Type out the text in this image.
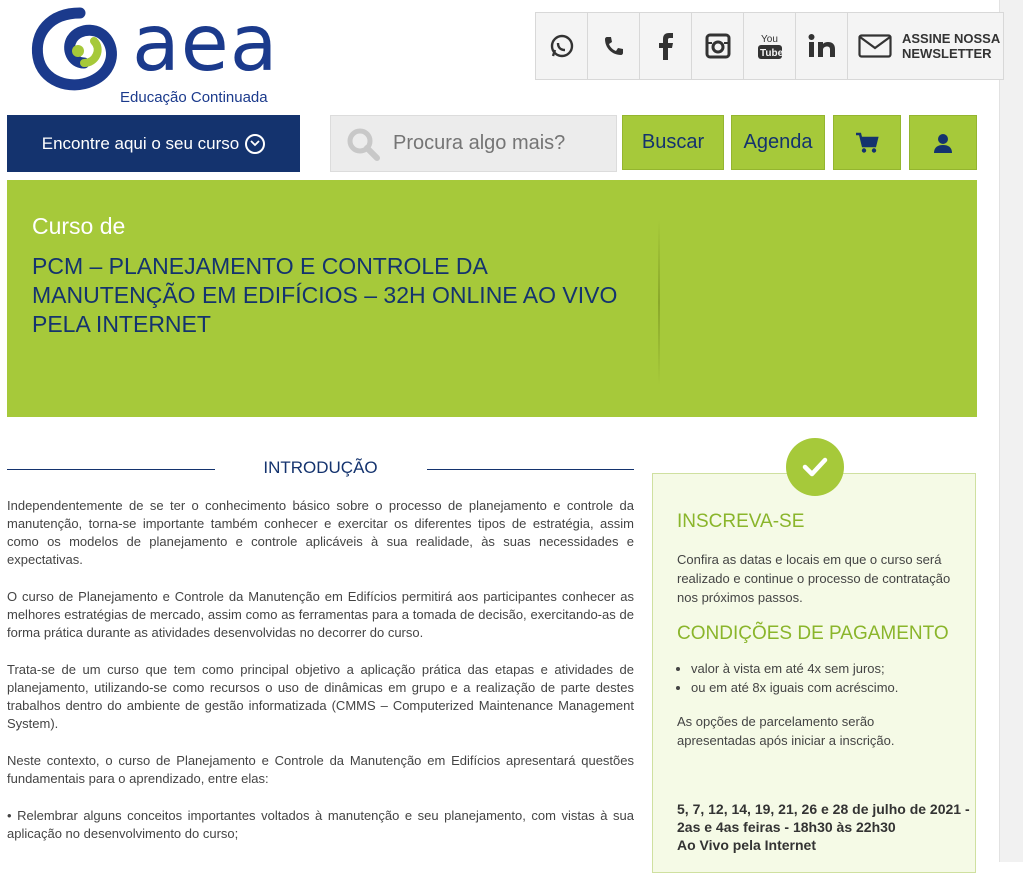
aea
Educação Continuada
You
Tube
ASSINE NOSSA
NEWSLETTER
Encontre aqui o seu curso
Procura algo mais?	Buscar	Agenda
Curso de
PCM – PLANEJAMENTO E CONTROLE DA MANUTENÇÃO EM EDIFÍCIOS – 32H ONLINE AO VIVO PELA INTERNET
INTRODUÇÃO

Independentemente de se ter o conhecimento básico sobre o processo de planejamento e controle da manutenção, torna-se importante também conhecer e exercitar os diferentes tipos de estratégia, assim como os modelos de planejamento e controle aplicáveis à sua realidade, às suas necessidades e expectativas.

O curso de Planejamento e Controle da Manutenção em Edifícios permitirá aos participantes conhecer as melhores estratégias de mercado, assim como as ferramentas para a tomada de decisão, exercitando-as de forma prática durante as atividades desenvolvidas no decorrer do curso.

Trata-se de um curso que tem como principal objetivo a aplicação prática das etapas e atividades de planejamento, utilizando-se como recursos o uso de dinâmicas em grupo e a realização de parte destes trabalhos dentro do ambiente de gestão informatizada (CMMS – Computerized Maintenance Management System).

Neste contexto, o curso de Planejamento e Controle da Manutenção em Edifícios apresentará questões fundamentais para o aprendizado, entre elas:

• Relembrar alguns conceitos importantes voltados à manutenção e seu planejamento, com vistas à sua aplicação no desenvolvimento do curso;

INSCREVA-SE
Confira as datas e locais em que o curso será realizado e continue o processo de contratação nos próximos passos.
CONDIÇÕES DE PAGAMENTO
• valor à vista em até 4x sem juros;
• ou em até 8x iguais com acréscimo.
As opções de parcelamento serão apresentadas após iniciar a inscrição.
5, 7, 12, 14, 19, 21, 26 e 28 de julho de 2021 - 2as e 4as feiras - 18h30 às 22h30
Ao Vivo pela Internet
